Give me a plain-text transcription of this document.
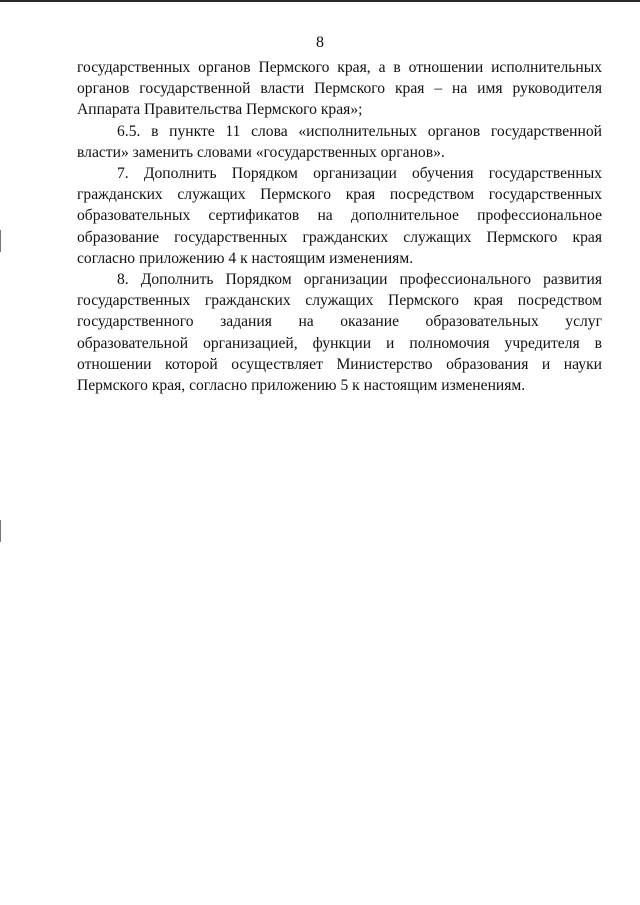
8

государственных органов Пермского края, а в отношении исполнительных органов государственной власти Пермского края – на имя руководителя Аппарата Правительства Пермского края»;

6.5. в пункте 11 слова «исполнительных органов государственной власти» заменить словами «государственных органов».

7. Дополнить Порядком организации обучения государственных гражданских служащих Пермского края посредством государственных образовательных сертификатов на дополнительное профессиональное образование государственных гражданских служащих Пермского края согласно приложению 4 к настоящим изменениям.

8. Дополнить Порядком организации профессионального развития государственных гражданских служащих Пермского края посредством государственного задания на оказание образовательных услуг образовательной организацией, функции и полномочия учредителя в отношении которой осуществляет Министерство образования и науки Пермского края, согласно приложению 5 к настоящим изменениям.
